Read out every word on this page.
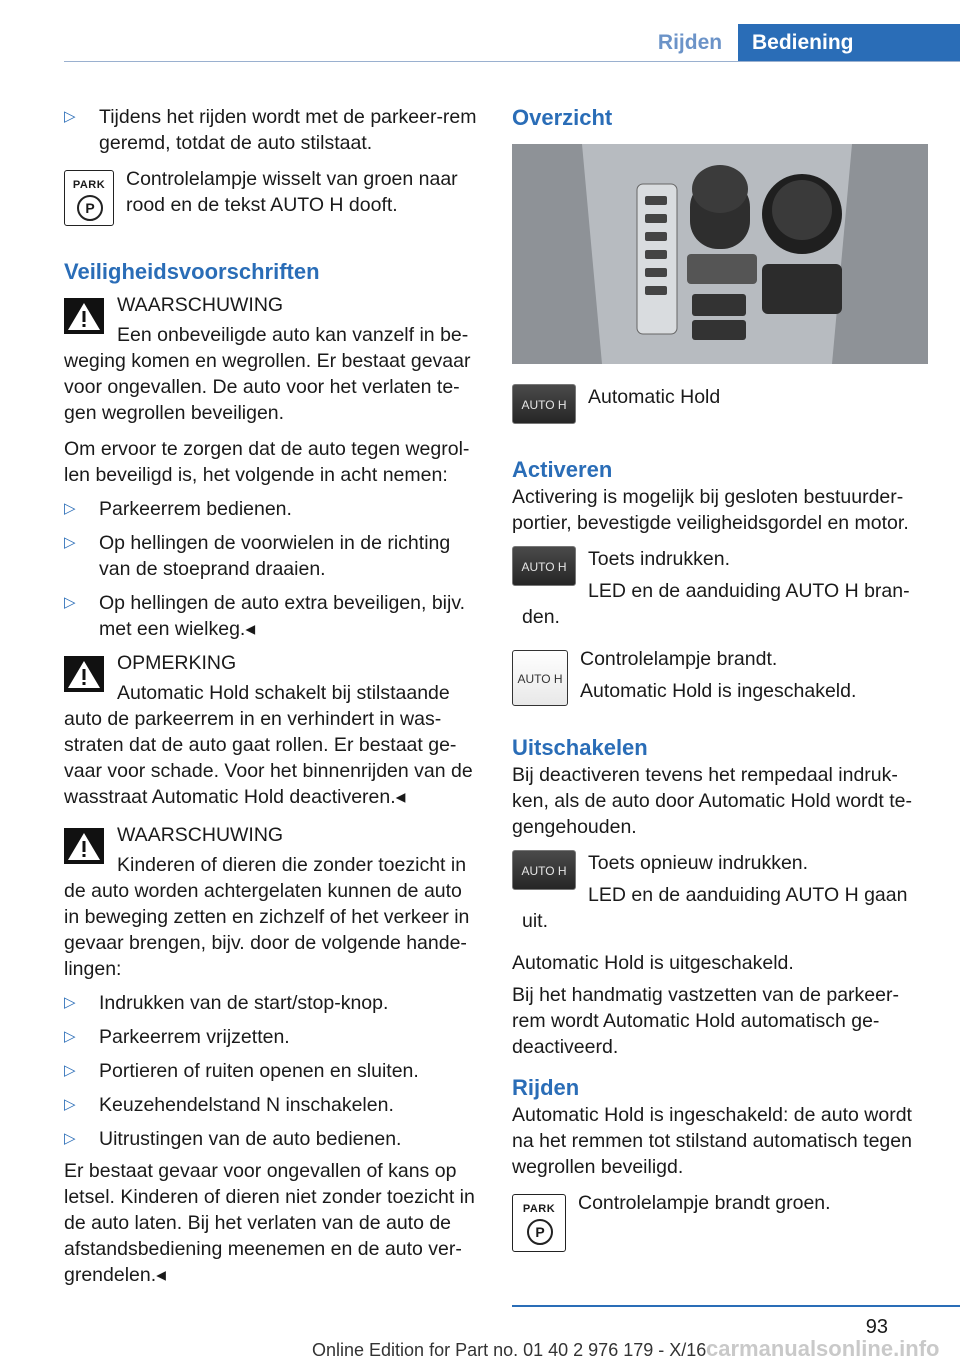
Rijden	Bediening
▷ Tijdens het rijden wordt met de parkeer-rem geremd, totdat de auto stilstaat.
PARK
P

Controlelampje wisselt van groen naar rood en de tekst AUTO H dooft.

Veiligheidsvoorschriften

WAARSCHUWING

Een onbeveiligde auto kan vanzelf in be-weging komen en wegrollen. Er bestaat gevaar voor ongevallen. De auto voor het verlaten te-gen wegrollen beveiligen.

Om ervoor te zorgen dat de auto tegen wegrol-len beveiligd is, het volgende in acht nemen:

▷ Parkeerrem bedienen.
▷ Op hellingen de voorwielen in de richting van de stoeprand draaien.
▷ Op hellingen de auto extra beveiligen, bijv. met een wielkeg.◂

OPMERKING

Automatic Hold schakelt bij stilstaande auto de parkeerrem in en verhindert in was-straten dat de auto gaat rollen. Er bestaat ge-vaar voor schade. Voor het binnenrijden van de wasstraat Automatic Hold deactiveren.◂

WAARSCHUWING

Kinderen of dieren die zonder toezicht in de auto worden achtergelaten kunnen de auto in beweging zetten en zichzelf of het verkeer in gevaar brengen, bijv. door de volgende hande-lingen:

▷ Indrukken van de start/stop-knop.
▷ Parkeerrem vrijzetten.
▷ Portieren of ruiten openen en sluiten.
▷ Keuzehendelstand N inschakelen.
▷ Uitrustingen van de auto bedienen.

Er bestaat gevaar voor ongevallen of kans op letsel. Kinderen of dieren niet zonder toezicht in de auto laten. Bij het verlaten van de auto de afstandsbediening meenemen en de auto ver-grendelen.◂

Overzicht
AUTO H	Automatic Hold

Activeren

Activering is mogelijk bij gesloten bestuurder-portier, bevestigde veiligheidsgordel en motor.

AUTO H	Toets indrukken.

LED en de aanduiding AUTO H bran-den.

AUTO H

Controlelampje brandt.

Automatic Hold is ingeschakeld.

Uitschakelen

Bij deactiveren tevens het rempedaal indruk-ken, als de auto door Automatic Hold wordt te-gengehouden.

AUTO H	Toets opnieuw indrukken.

LED en de aanduiding AUTO H gaan uit.

Automatic Hold is uitgeschakeld.

Bij het handmatig vastzetten van de parkeer-rem wordt Automatic Hold automatisch ge-deactiveerd.

Rijden

Automatic Hold is ingeschakeld: de auto wordt na het remmen tot stilstand automatisch tegen wegrollen beveiligd.

PARK
P

Controlelampje brandt groen.

93
Online Edition for Part no. 01 40 2 976 179 - X/16 carmanualsonline.info
